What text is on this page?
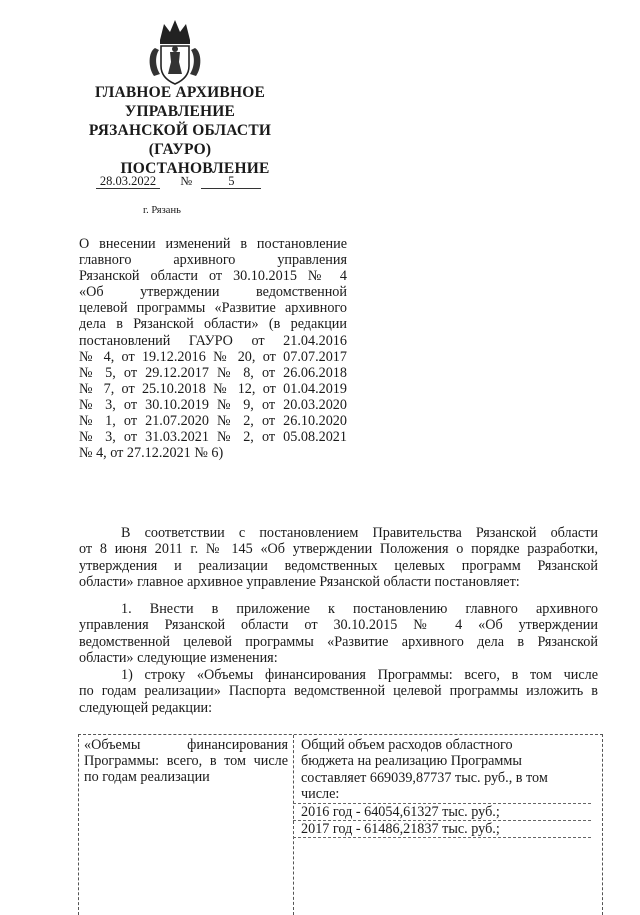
ГЛАВНОЕ АРХИВНОЕ
УПРАВЛЕНИЕ
РЯЗАНСКОЙ ОБЛАСТИ
(ГАУРО)
ПОСТАНОВЛЕНИЕ
28.03.2022 №	5
г. Рязань
О внесении изменений в постановление
главного архивного управления
Рязанской области от 30.10.2015 № 4
«Об утверждении ведомственной
целевой программы «Развитие архивного
дела в Рязанской области» (в редакции
постановлений ГАУРО от 21.04.2016
№ 4, от 19.12.2016 № 20, от 07.07.2017
№ 5, от 29.12.2017 № 8, от 26.06.2018
№ 7, от 25.10.2018 № 12, от 01.04.2019
№ 3, от 30.10.2019 № 9, от 20.03.2020
№ 1, от 21.07.2020 № 2, от 26.10.2020
№ 3, от 31.03.2021 № 2, от 05.08.2021
№ 4, от 27.12.2021 № 6)
В соответствии с постановлением Правительства Рязанской области
от 8 июня 2011 г. № 145 «Об утверждении Положения о порядке разработки,
утверждения и реализации ведомственных целевых программ Рязанской
области» главное архивное управление Рязанской области постановляет:
1. Внести в приложение к постановлению главного архивного
управления Рязанской области от 30.10.2015 № 4 «Об утверждении
ведомственной целевой программы «Развитие архивного дела в Рязанской
области» следующие изменения:
1) строку «Объемы финансирования Программы: всего, в том числе
по годам реализации» Паспорта ведомственной целевой программы изложить в
следующей редакции:
«Объемы финансирования
Программы: всего, в том числе
по годам реализации
Общий объем расходов областного
бюджета на реализацию Программы
составляет 669039,87737 тыс. руб., в том
числе:
2016 год - 64054,61327 тыс. руб.;
2017 год - 61486,21837 тыс. руб.;
